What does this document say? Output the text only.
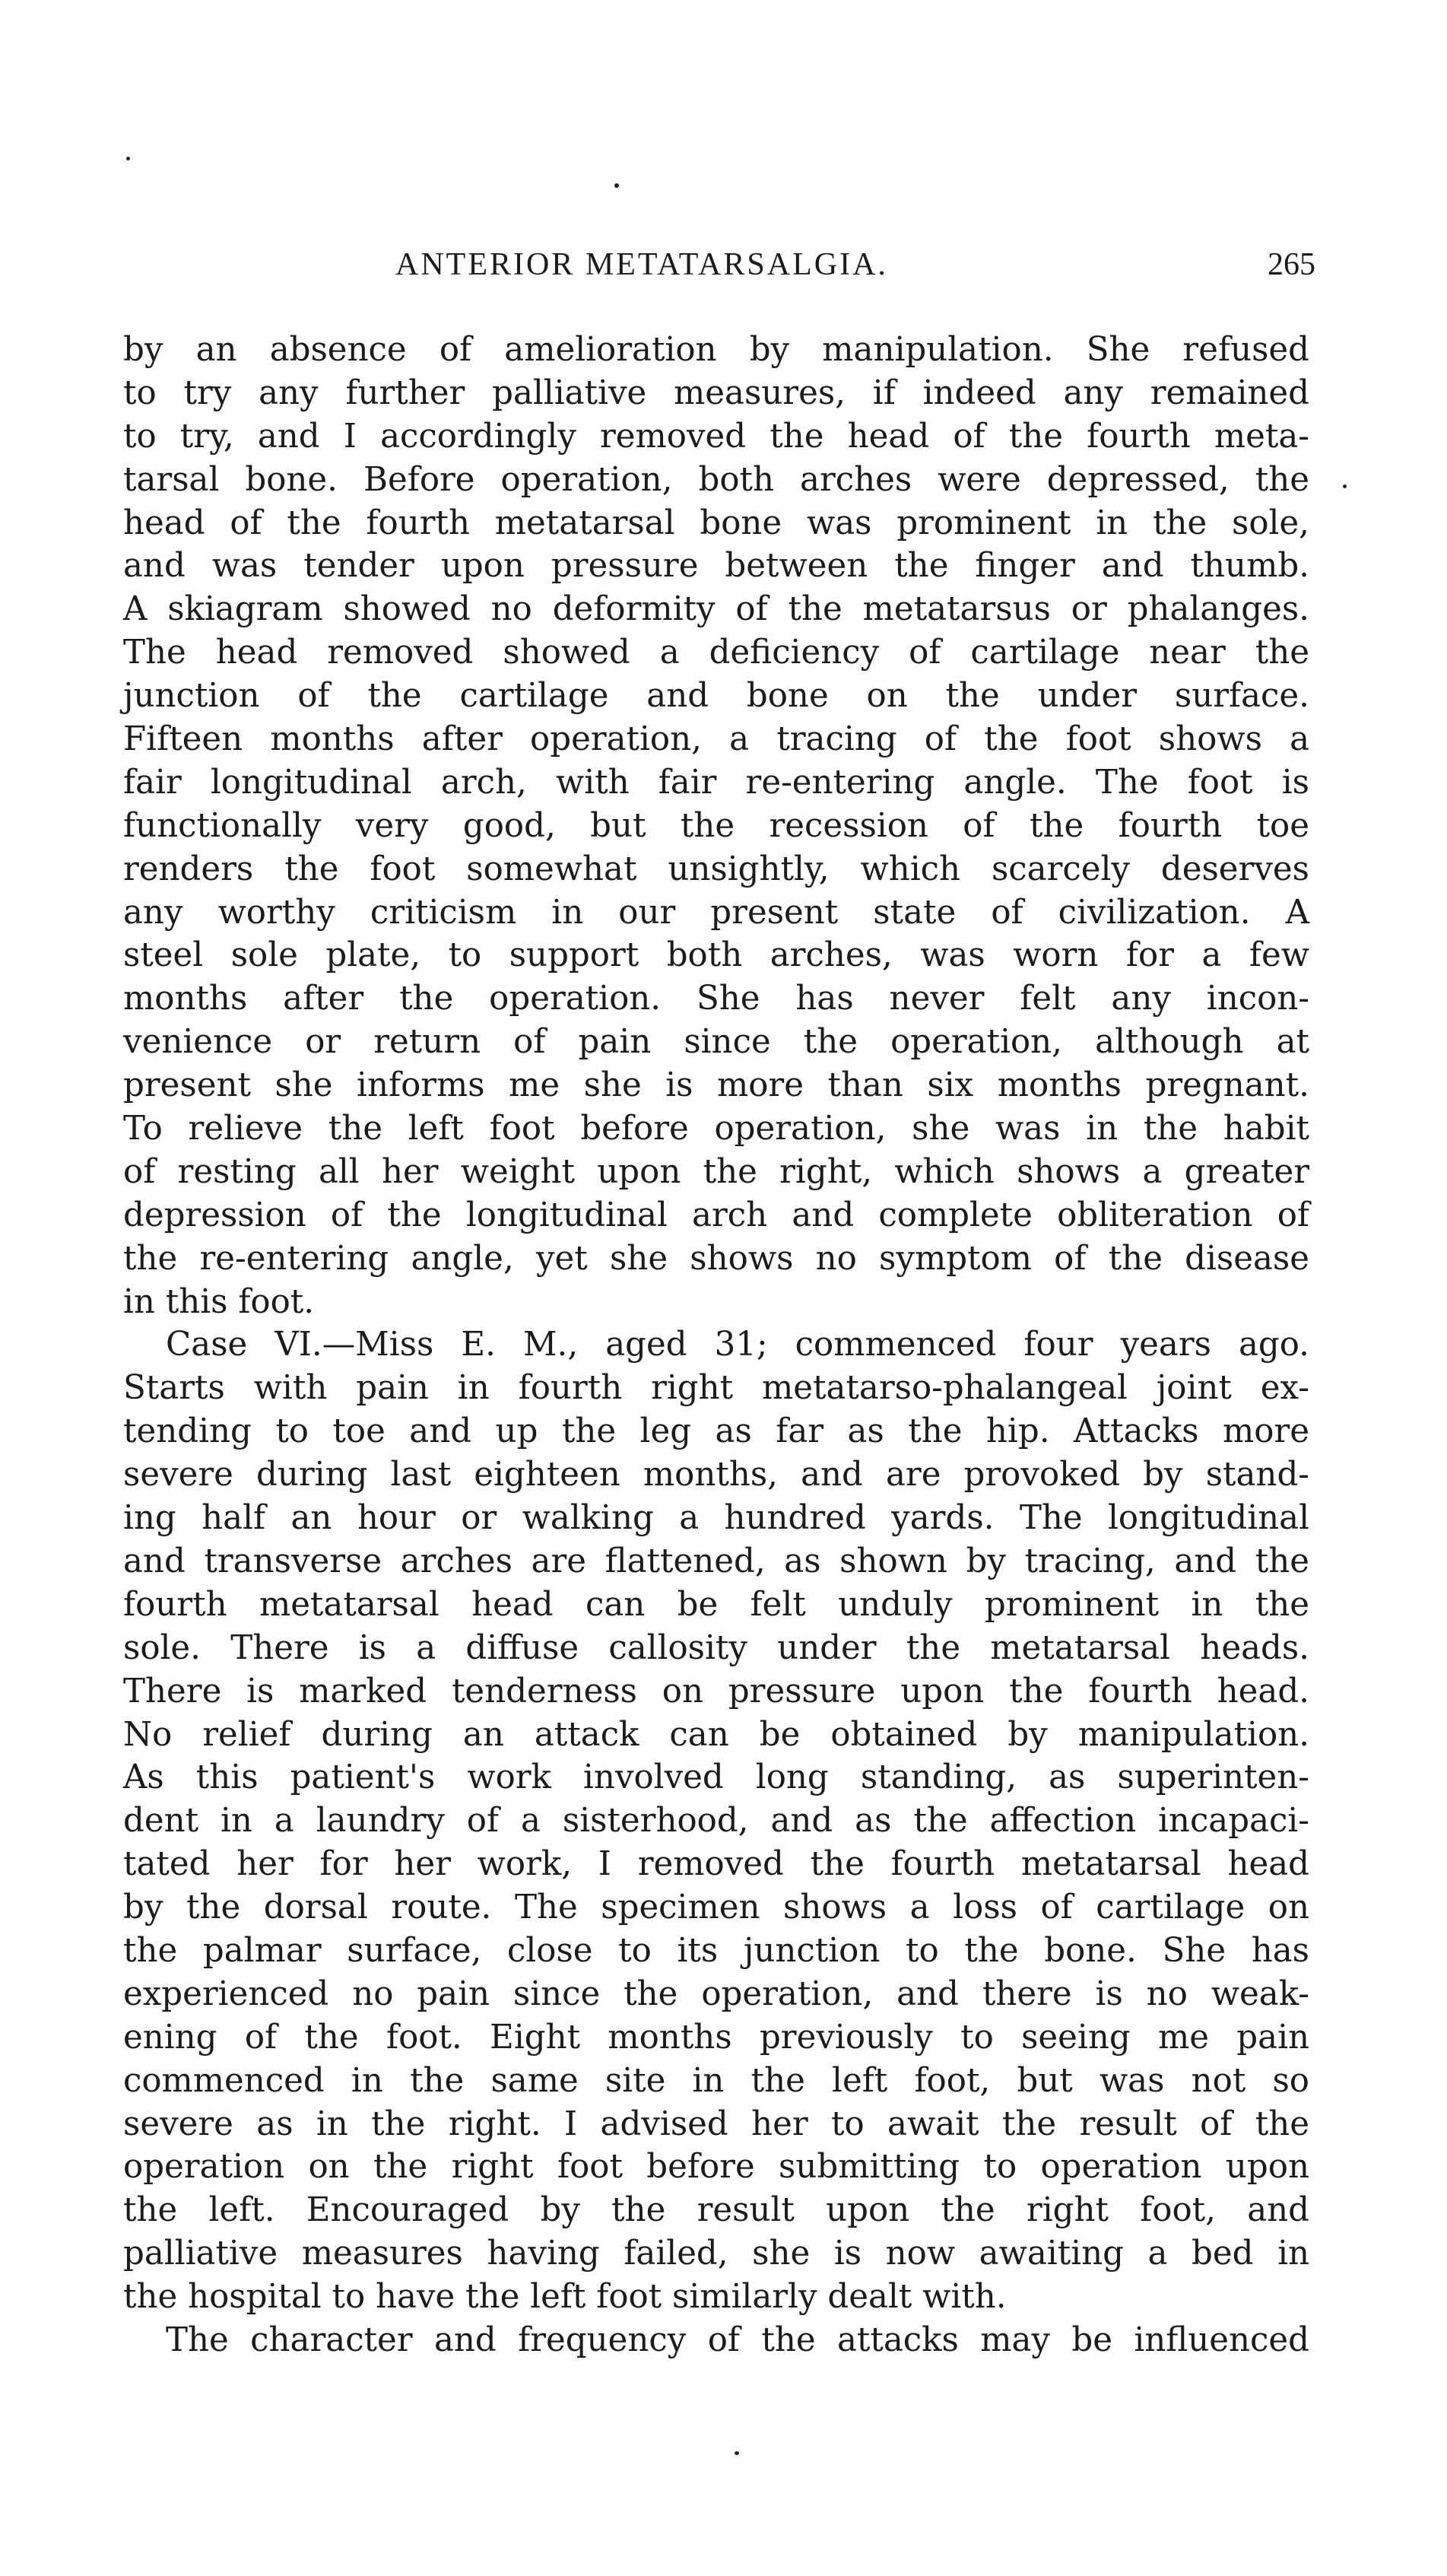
ANTERIOR METATARSALGIA.	265
by an absence of amelioration by manipulation. She refused
to try any further palliative measures, if indeed any remained
to try, and I accordingly removed the head of the fourth meta-
tarsal bone. Before operation, both arches were depressed, the
head of the fourth metatarsal bone was prominent in the sole,
and was tender upon pressure between the finger and thumb.
A skiagram showed no deformity of the metatarsus or phalanges.
The head removed showed a deficiency of cartilage near the
junction of the cartilage and bone on the under surface.
Fifteen months after operation, a tracing of the foot shows a
fair longitudinal arch, with fair re-entering angle. The foot is
functionally very good, but the recession of the fourth toe
renders the foot somewhat unsightly, which scarcely deserves
any worthy criticism in our present state of civilization. A
steel sole plate, to support both arches, was worn for a few
months after the operation. She has never felt any incon-
venience or return of pain since the operation, although at
present she informs me she is more than six months pregnant.
To relieve the left foot before operation, she was in the habit
of resting all her weight upon the right, which shows a greater
depression of the longitudinal arch and complete obliteration of
the re-entering angle, yet she shows no symptom of the disease
in this foot.
Case VI.—Miss E. M., aged 31; commenced four years ago.
Starts with pain in fourth right metatarso-phalangeal joint ex-
tending to toe and up the leg as far as the hip. Attacks more
severe during last eighteen months, and are provoked by stand-
ing half an hour or walking a hundred yards. The longitudinal
and transverse arches are flattened, as shown by tracing, and the
fourth metatarsal head can be felt unduly prominent in the
sole. There is a diffuse callosity under the metatarsal heads.
There is marked tenderness on pressure upon the fourth head.
No relief during an attack can be obtained by manipulation.
As this patient's work involved long standing, as superinten-
dent in a laundry of a sisterhood, and as the affection incapaci-
tated her for her work, I removed the fourth metatarsal head
by the dorsal route. The specimen shows a loss of cartilage on
the palmar surface, close to its junction to the bone. She has
experienced no pain since the operation, and there is no weak-
ening of the foot. Eight months previously to seeing me pain
commenced in the same site in the left foot, but was not so
severe as in the right. I advised her to await the result of the
operation on the right foot before submitting to operation upon
the left. Encouraged by the result upon the right foot, and
palliative measures having failed, she is now awaiting a bed in
the hospital to have the left foot similarly dealt with.
The character and frequency of the attacks may be influenced
